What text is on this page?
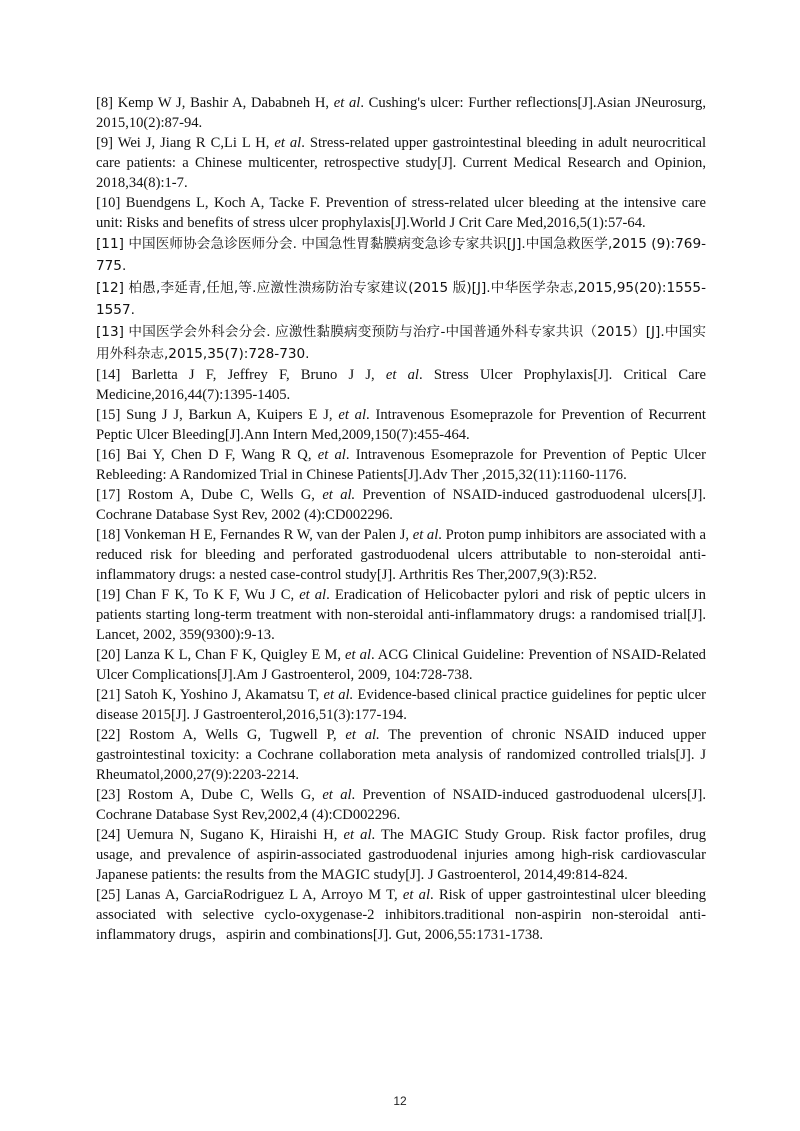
[8] Kemp W J, Bashir A, Dababneh H, et al. Cushing's ulcer: Further reflections[J].Asian JNeurosurg, 2015,10(2):87-94.

[9] Wei J, Jiang R C,Li L H, et al. Stress-related upper gastrointestinal bleeding in adult neurocritical care patients: a Chinese multicenter, retrospective study[J]. Current Medical Research and Opinion, 2018,34(8):1-7.

[10] Buendgens L, Koch A, Tacke F. Prevention of stress-related ulcer bleeding at the intensive care unit: Risks and benefits of stress ulcer prophylaxis[J].World J Crit Care Med,2016,5(1):57-64.

[11] 中国医师协会急诊医师分会. 中国急性胃黏膜病变急诊专家共识[J].中国急救医学,2015 (9):769-775.

[12] 柏愚,李延青,任旭,等.应激性溃疡防治专家建议(2015 版)[J].中华医学杂志,2015,95(20):1555-1557.

[13] 中国医学会外科会分会. 应激性黏膜病变预防与治疗-中国普通外科专家共识（2015）[J].中国实用外科杂志,2015,35(7):728-730.

[14] Barletta J F, Jeffrey F, Bruno J J, et al. Stress Ulcer Prophylaxis[J]. Critical Care Medicine,2016,44(7):1395-1405.

[15] Sung J J, Barkun A, Kuipers E J, et al. Intravenous Esomeprazole for Prevention of Recurrent Peptic Ulcer Bleeding[J].Ann Intern Med,2009,150(7):455-464.

[16] Bai Y, Chen D F, Wang R Q, et al. Intravenous Esomeprazole for Prevention of Peptic Ulcer Rebleeding: A Randomized Trial in Chinese Patients[J].Adv Ther ,2015,32(11):1160-1176.

[17] Rostom A, Dube C, Wells G, et al. Prevention of NSAID-induced gastroduodenal ulcers[J]. Cochrane Database Syst Rev, 2002 (4):CD002296.

[18] Vonkeman H E, Fernandes R W, van der Palen J, et al. Proton pump inhibitors are associated with a reduced risk for bleeding and perforated gastroduodenal ulcers attributable to non-steroidal anti-inflammatory drugs: a nested case-control study[J]. Arthritis Res Ther,2007,9(3):R52.

[19] Chan F K, To K F, Wu J C, et al. Eradication of Helicobacter pylori and risk of peptic ulcers in patients starting long-term treatment with non-steroidal anti-inflammatory drugs: a randomised trial[J]. Lancet, 2002, 359(9300):9-13.

[20] Lanza K L, Chan F K, Quigley E M, et al. ACG Clinical Guideline: Prevention of NSAID-Related Ulcer Complications[J].Am J Gastroenterol, 2009, 104:728-738.

[21] Satoh K, Yoshino J, Akamatsu T, et al. Evidence-based clinical practice guidelines for peptic ulcer disease 2015[J]. J Gastroenterol,2016,51(3):177-194.

[22] Rostom A, Wells G, Tugwell P, et al. The prevention of chronic NSAID induced upper gastrointestinal toxicity: a Cochrane collaboration meta analysis of randomized controlled trials[J]. J Rheumatol,2000,27(9):2203-2214.

[23] Rostom A, Dube C, Wells G, et al. Prevention of NSAID-induced gastroduodenal ulcers[J]. Cochrane Database Syst Rev,2002,4 (4):CD002296.

[24] Uemura N, Sugano K, Hiraishi H, et al. The MAGIC Study Group. Risk factor profiles, drug usage, and prevalence of aspirin-associated gastroduodenal injuries among high-risk cardiovascular Japanese patients: the results from the MAGIC study[J]. J Gastroenterol, 2014,49:814-824.

[25] Lanas A, GarciaRodriguez L A, Arroyo M T, et al. Risk of upper gastrointestinal ulcer bleeding associated with selective cyclo-oxygenase-2 inhibitors.traditional non-aspirin non-steroidal anti-inflammatory drugs，aspirin and combinations[J]. Gut, 2006,55:1731-1738.

12
